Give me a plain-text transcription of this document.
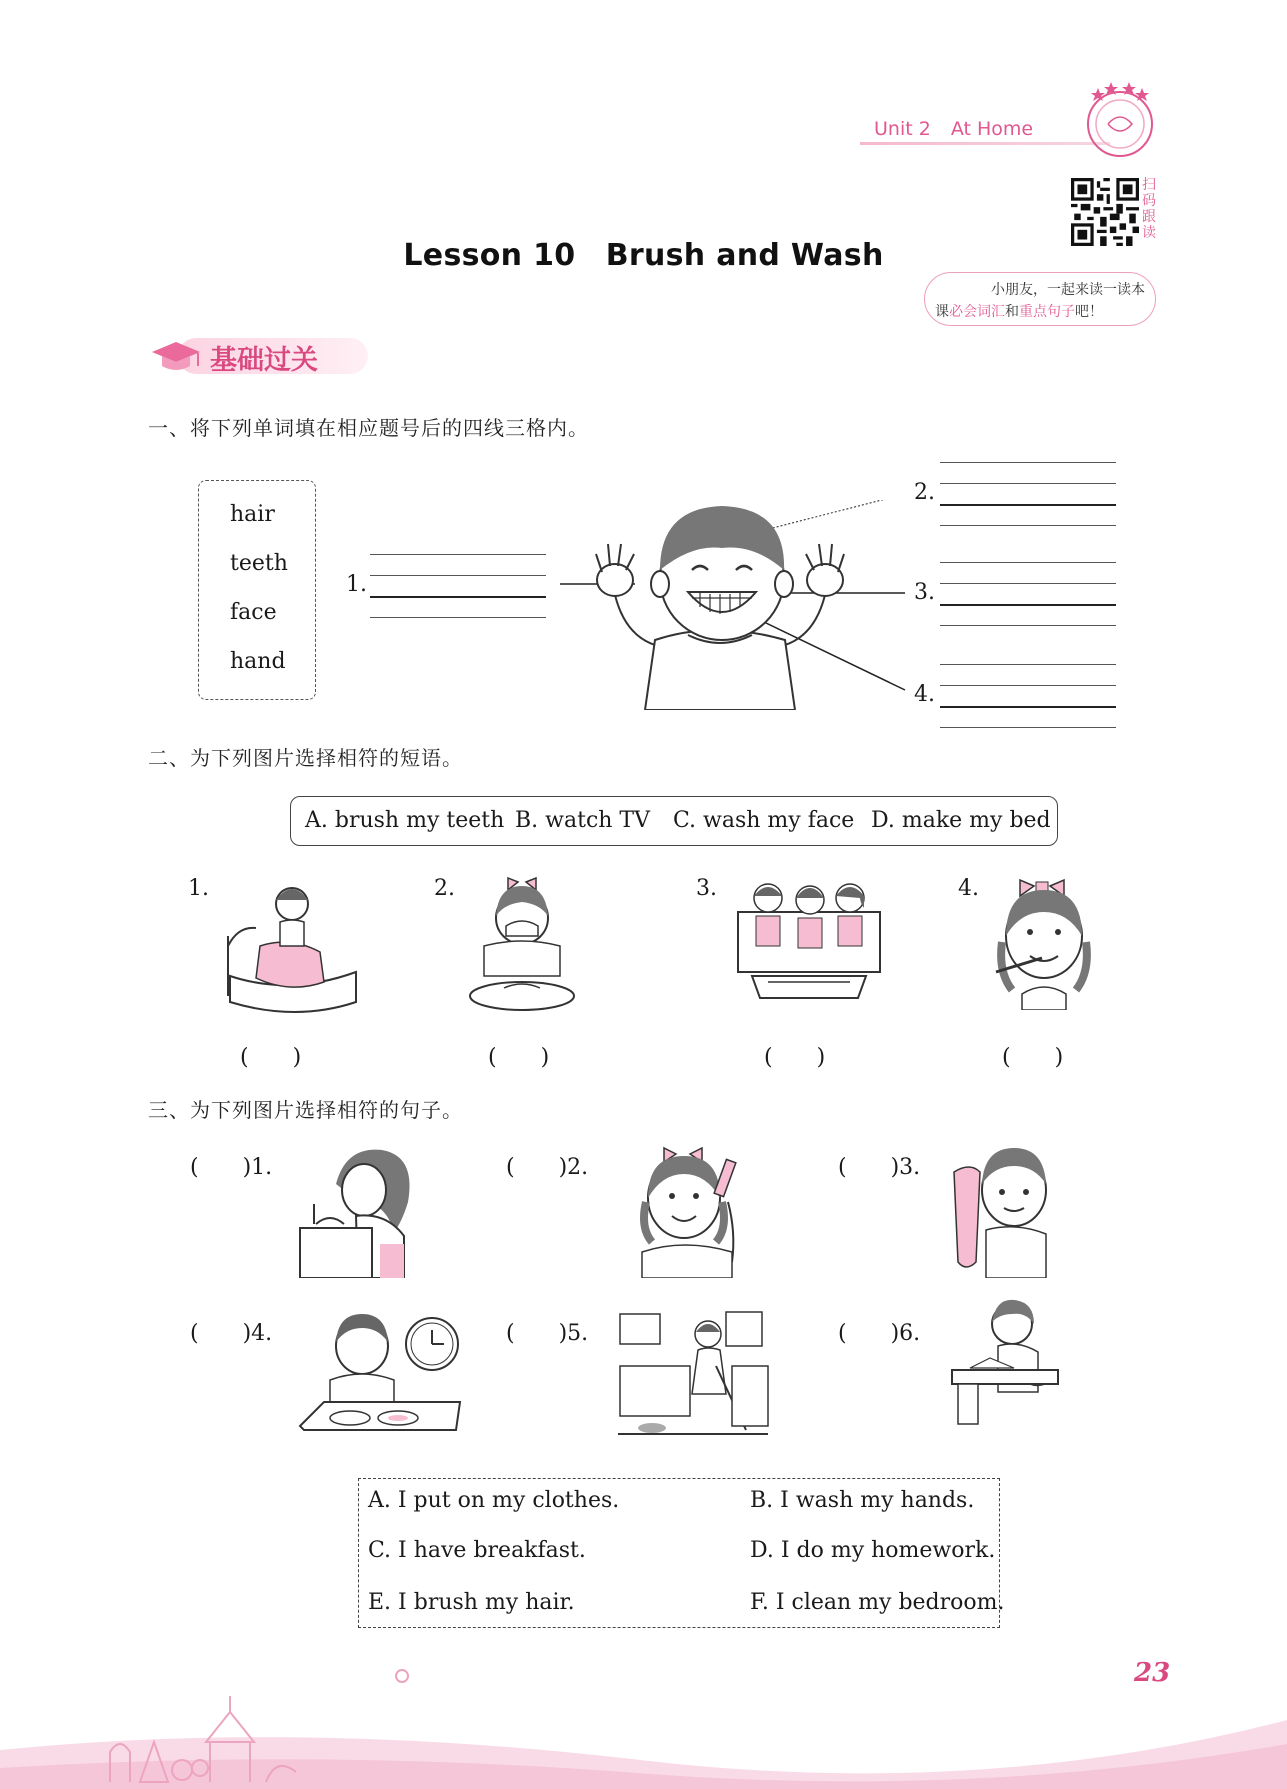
Unit 2 At Home
扫
码
跟
读
小朋友，一起来读一读本
课必会词汇和重点句子吧！
Lesson 10　Brush and Wash
基础过关
一、将下列单词填在相应题号后的四线三格内。
hair
teeth
face
hand
1.
2.
3.
4.
二、为下列图片选择相符的短语。
A. brush my teeth B. watch TV C. wash my face D. make my bed
1.	2.	3.	4.
(　　)	(　　)	(　　)	(　　)
三、为下列图片选择相符的句子。
(　　)1.	(　　)2.	(　　)3.
(　　)4.	(　　)5.	(　　)6.
A. I put on my clothes.	B. I wash my hands.
C. I have breakfast.	D. I do my homework.
E. I brush my hair.	F. I clean my bedroom.
23
